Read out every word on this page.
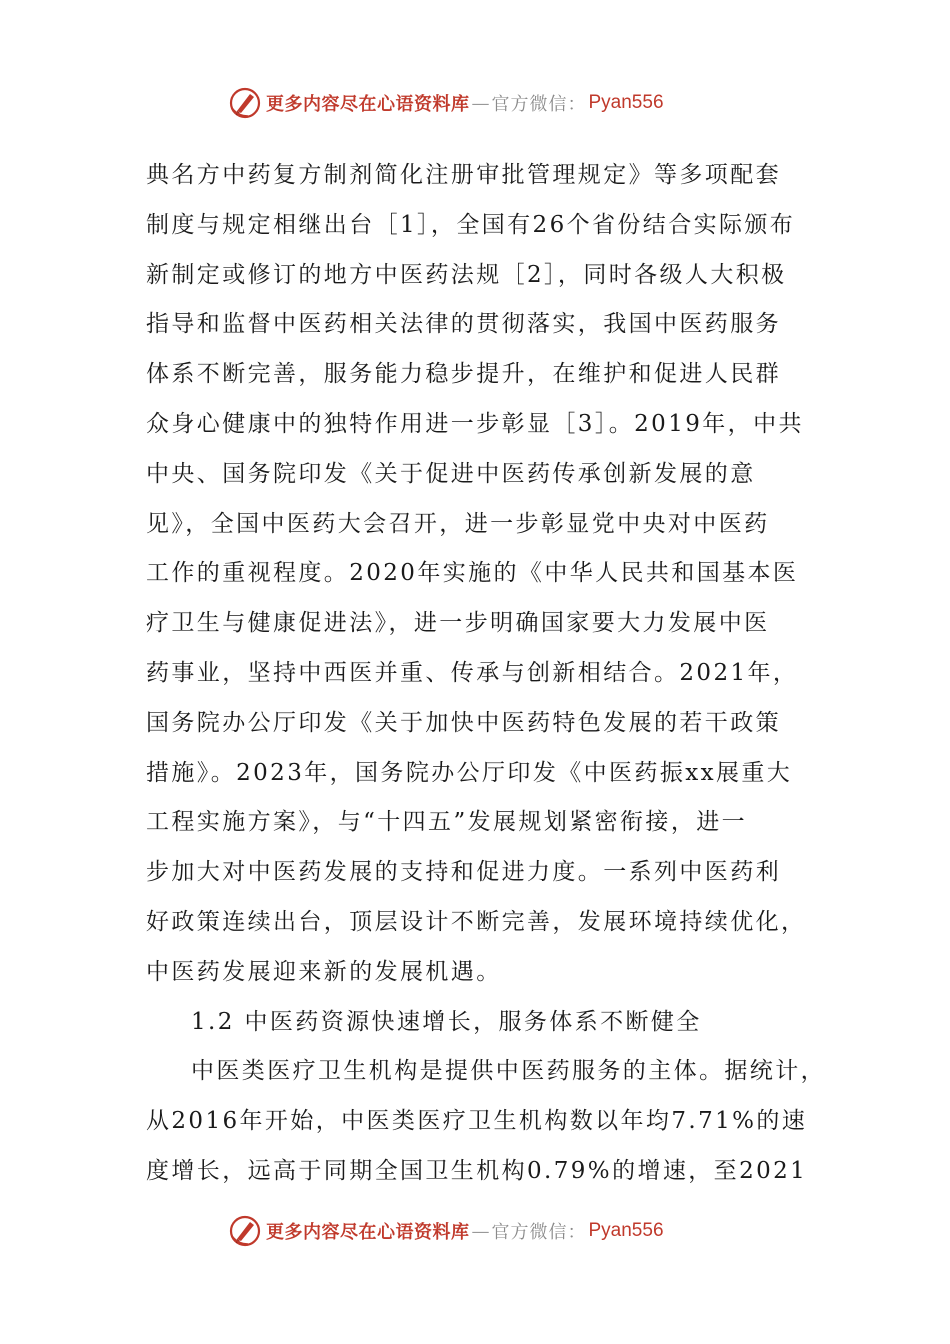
更多内容尽在心语资料库 — 官方微信： Pyan556
典名方中药复方制剂简化注册审批管理规定》等多项配套
制度与规定相继出台［1］，全国有26个省份结合实际颁布
新制定或修订的地方中医药法规［2］，同时各级人大积极
指导和监督中医药相关法律的贯彻落实，我国中医药服务
体系不断完善，服务能力稳步提升，在维护和促进人民群
众身心健康中的独特作用进一步彰显［3］。2019年，中共
中央、国务院印发《关于促进中医药传承创新发展的意
见》，全国中医药大会召开，进一步彰显党中央对中医药
工作的重视程度。2020年实施的《中华人民共和国基本医
疗卫生与健康促进法》，进一步明确国家要大力发展中医
药事业，坚持中西医并重、传承与创新相结合。2021年，
国务院办公厅印发《关于加快中医药特色发展的若干政策
措施》。2023年，国务院办公厅印发《中医药振xx展重大
工程实施方案》，与“十四五”发展规划紧密衔接，进一
步加大对中医药发展的支持和促进力度。一系列中医药利
好政策连续出台，顶层设计不断完善，发展环境持续优化，
中医药发展迎来新的发展机遇。
1.2 中医药资源快速增长，服务体系不断健全
中医类医疗卫生机构是提供中医药服务的主体。据统计，
从2016年开始，中医类医疗卫生机构数以年均7.71%的速
度增长，远高于同期全国卫生机构0.79%的增速，至2021
更多内容尽在心语资料库 — 官方微信： Pyan556
